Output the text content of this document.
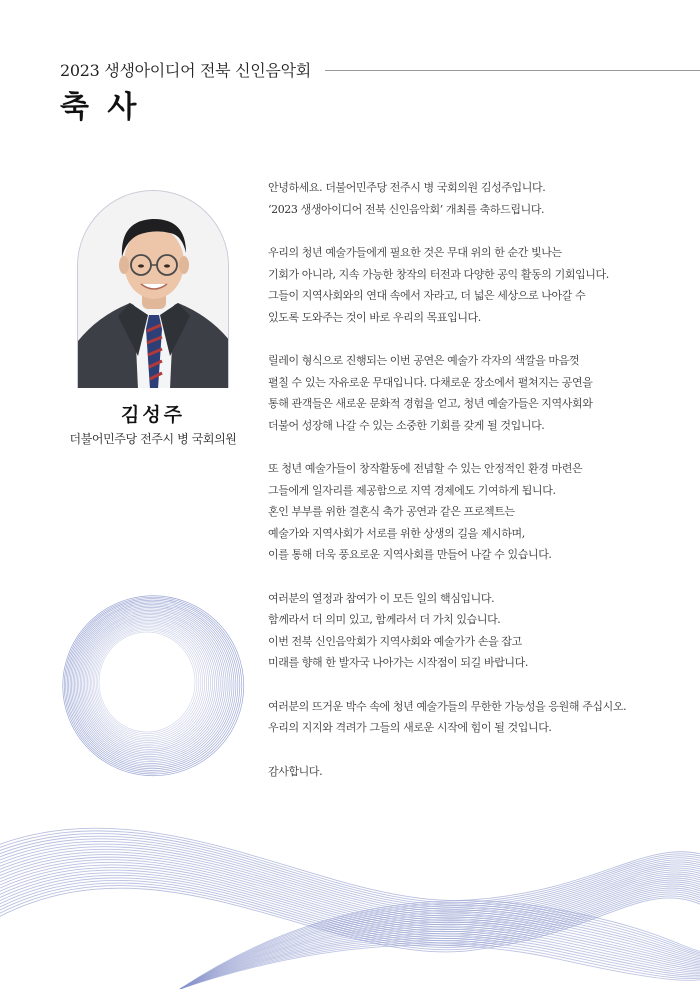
2023 생생아이디어 전북 신인음악회
축 사
김성주
더불어민주당 전주시 병 국회의원
안녕하세요. 더불어민주당 전주시 병 국회의원 김성주입니다.
‘2023 생생아이디어 전북 신인음악회’ 개최를 축하드립니다.
우리의 청년 예술가들에게 필요한 것은 무대 위의 한 순간 빛나는
기회가 아니라, 지속 가능한 창작의 터전과 다양한 공익 활동의 기회입니다.
그들이 지역사회와의 연대 속에서 자라고, 더 넓은 세상으로 나아갈 수
있도록 도와주는 것이 바로 우리의 목표입니다.
릴레이 형식으로 진행되는 이번 공연은 예술가 각자의 색깔을 마음껏
펼칠 수 있는 자유로운 무대입니다. 다채로운 장소에서 펼쳐지는 공연을
통해 관객들은 새로운 문화적 경험을 얻고, 청년 예술가들은 지역사회와
더불어 성장해 나갈 수 있는 소중한 기회를 갖게 될 것입니다.
또 청년 예술가들이 창작활동에 전념할 수 있는 안정적인 환경 마련은
그들에게 일자리를 제공함으로 지역 경제에도 기여하게 됩니다.
혼인 부부를 위한 결혼식 축가 공연과 같은 프로젝트는
예술가와 지역사회가 서로를 위한 상생의 길을 제시하며,
이를 통해 더욱 풍요로운 지역사회를 만들어 나갈 수 있습니다.
여러분의 열정과 참여가 이 모든 일의 핵심입니다.
함께라서 더 의미 있고, 함께라서 더 가치 있습니다.
이번 전북 신인음악회가 지역사회와 예술가가 손을 잡고
미래를 향해 한 발자국 나아가는 시작점이 되길 바랍니다.
여러분의 뜨거운 박수 속에 청년 예술가들의 무한한 가능성을 응원해 주십시오.
우리의 지지와 격려가 그들의 새로운 시작에 힘이 될 것입니다.
감사합니다.
